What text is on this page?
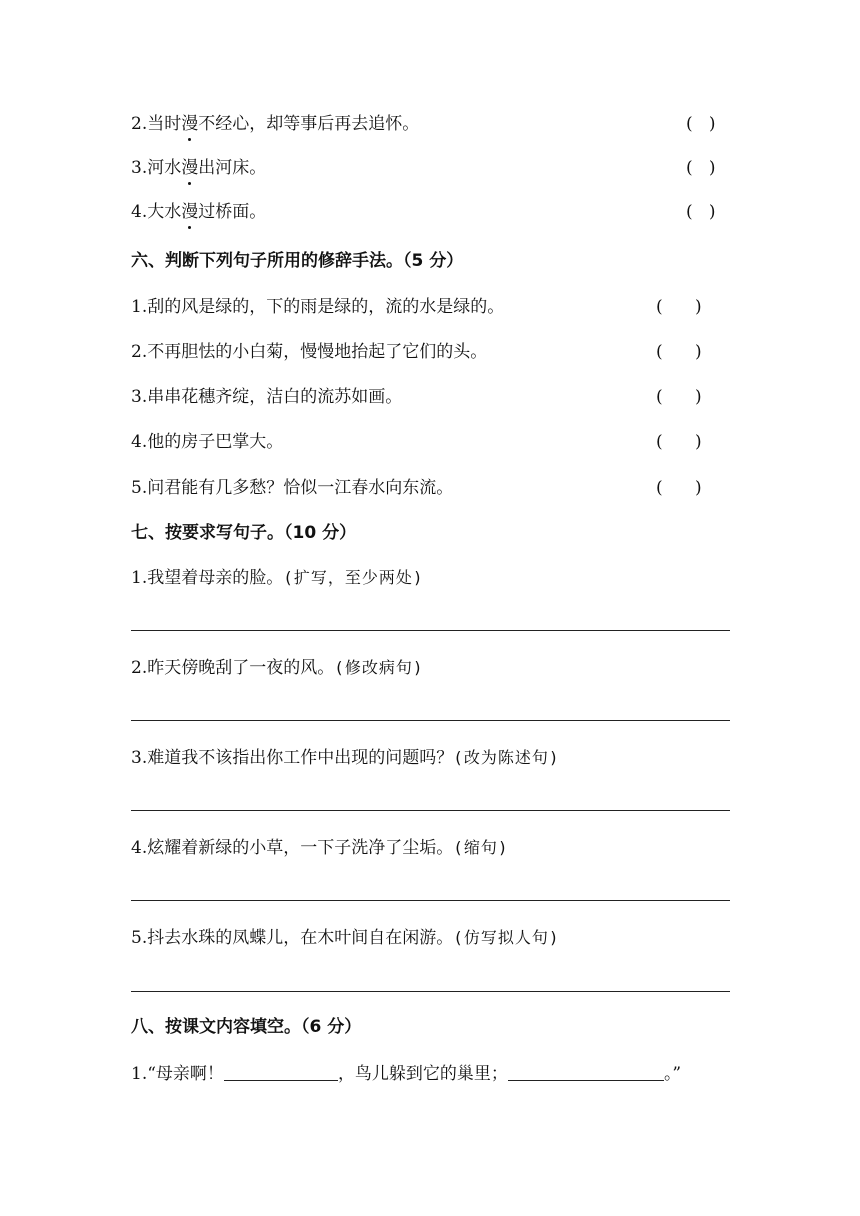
2.当时漫不经心，却等事后再去追怀。	(   )
3.河水漫出河床。	(   )
4.大水漫过桥面。	(   )
六、判断下列句子所用的修辞手法。（5 分）
1.刮的风是绿的，下的雨是绿的，流的水是绿的。	(      )
2.不再胆怯的小白菊，慢慢地抬起了它们的头。	(      )
3.串串花穗齐绽，洁白的流苏如画。	(      )
4.他的房子巴掌大。	(      )
5.问君能有几多愁？恰似一江春水向东流。	(      )
七、按要求写句子。（10 分）
1.我望着母亲的脸。(扩写，至少两处)
2.昨天傍晚刮了一夜的风。(修改病句)
3.难道我不该指出你工作中出现的问题吗？(改为陈述句)
4.炫耀着新绿的小草，一下子洗净了尘垢。(缩句)
5.抖去水珠的凤蝶儿，在木叶间自在闲游。(仿写拟人句)
八、按课文内容填空。（6 分）
1.“母亲啊！	，鸟儿躲到它的巢里；	。”
